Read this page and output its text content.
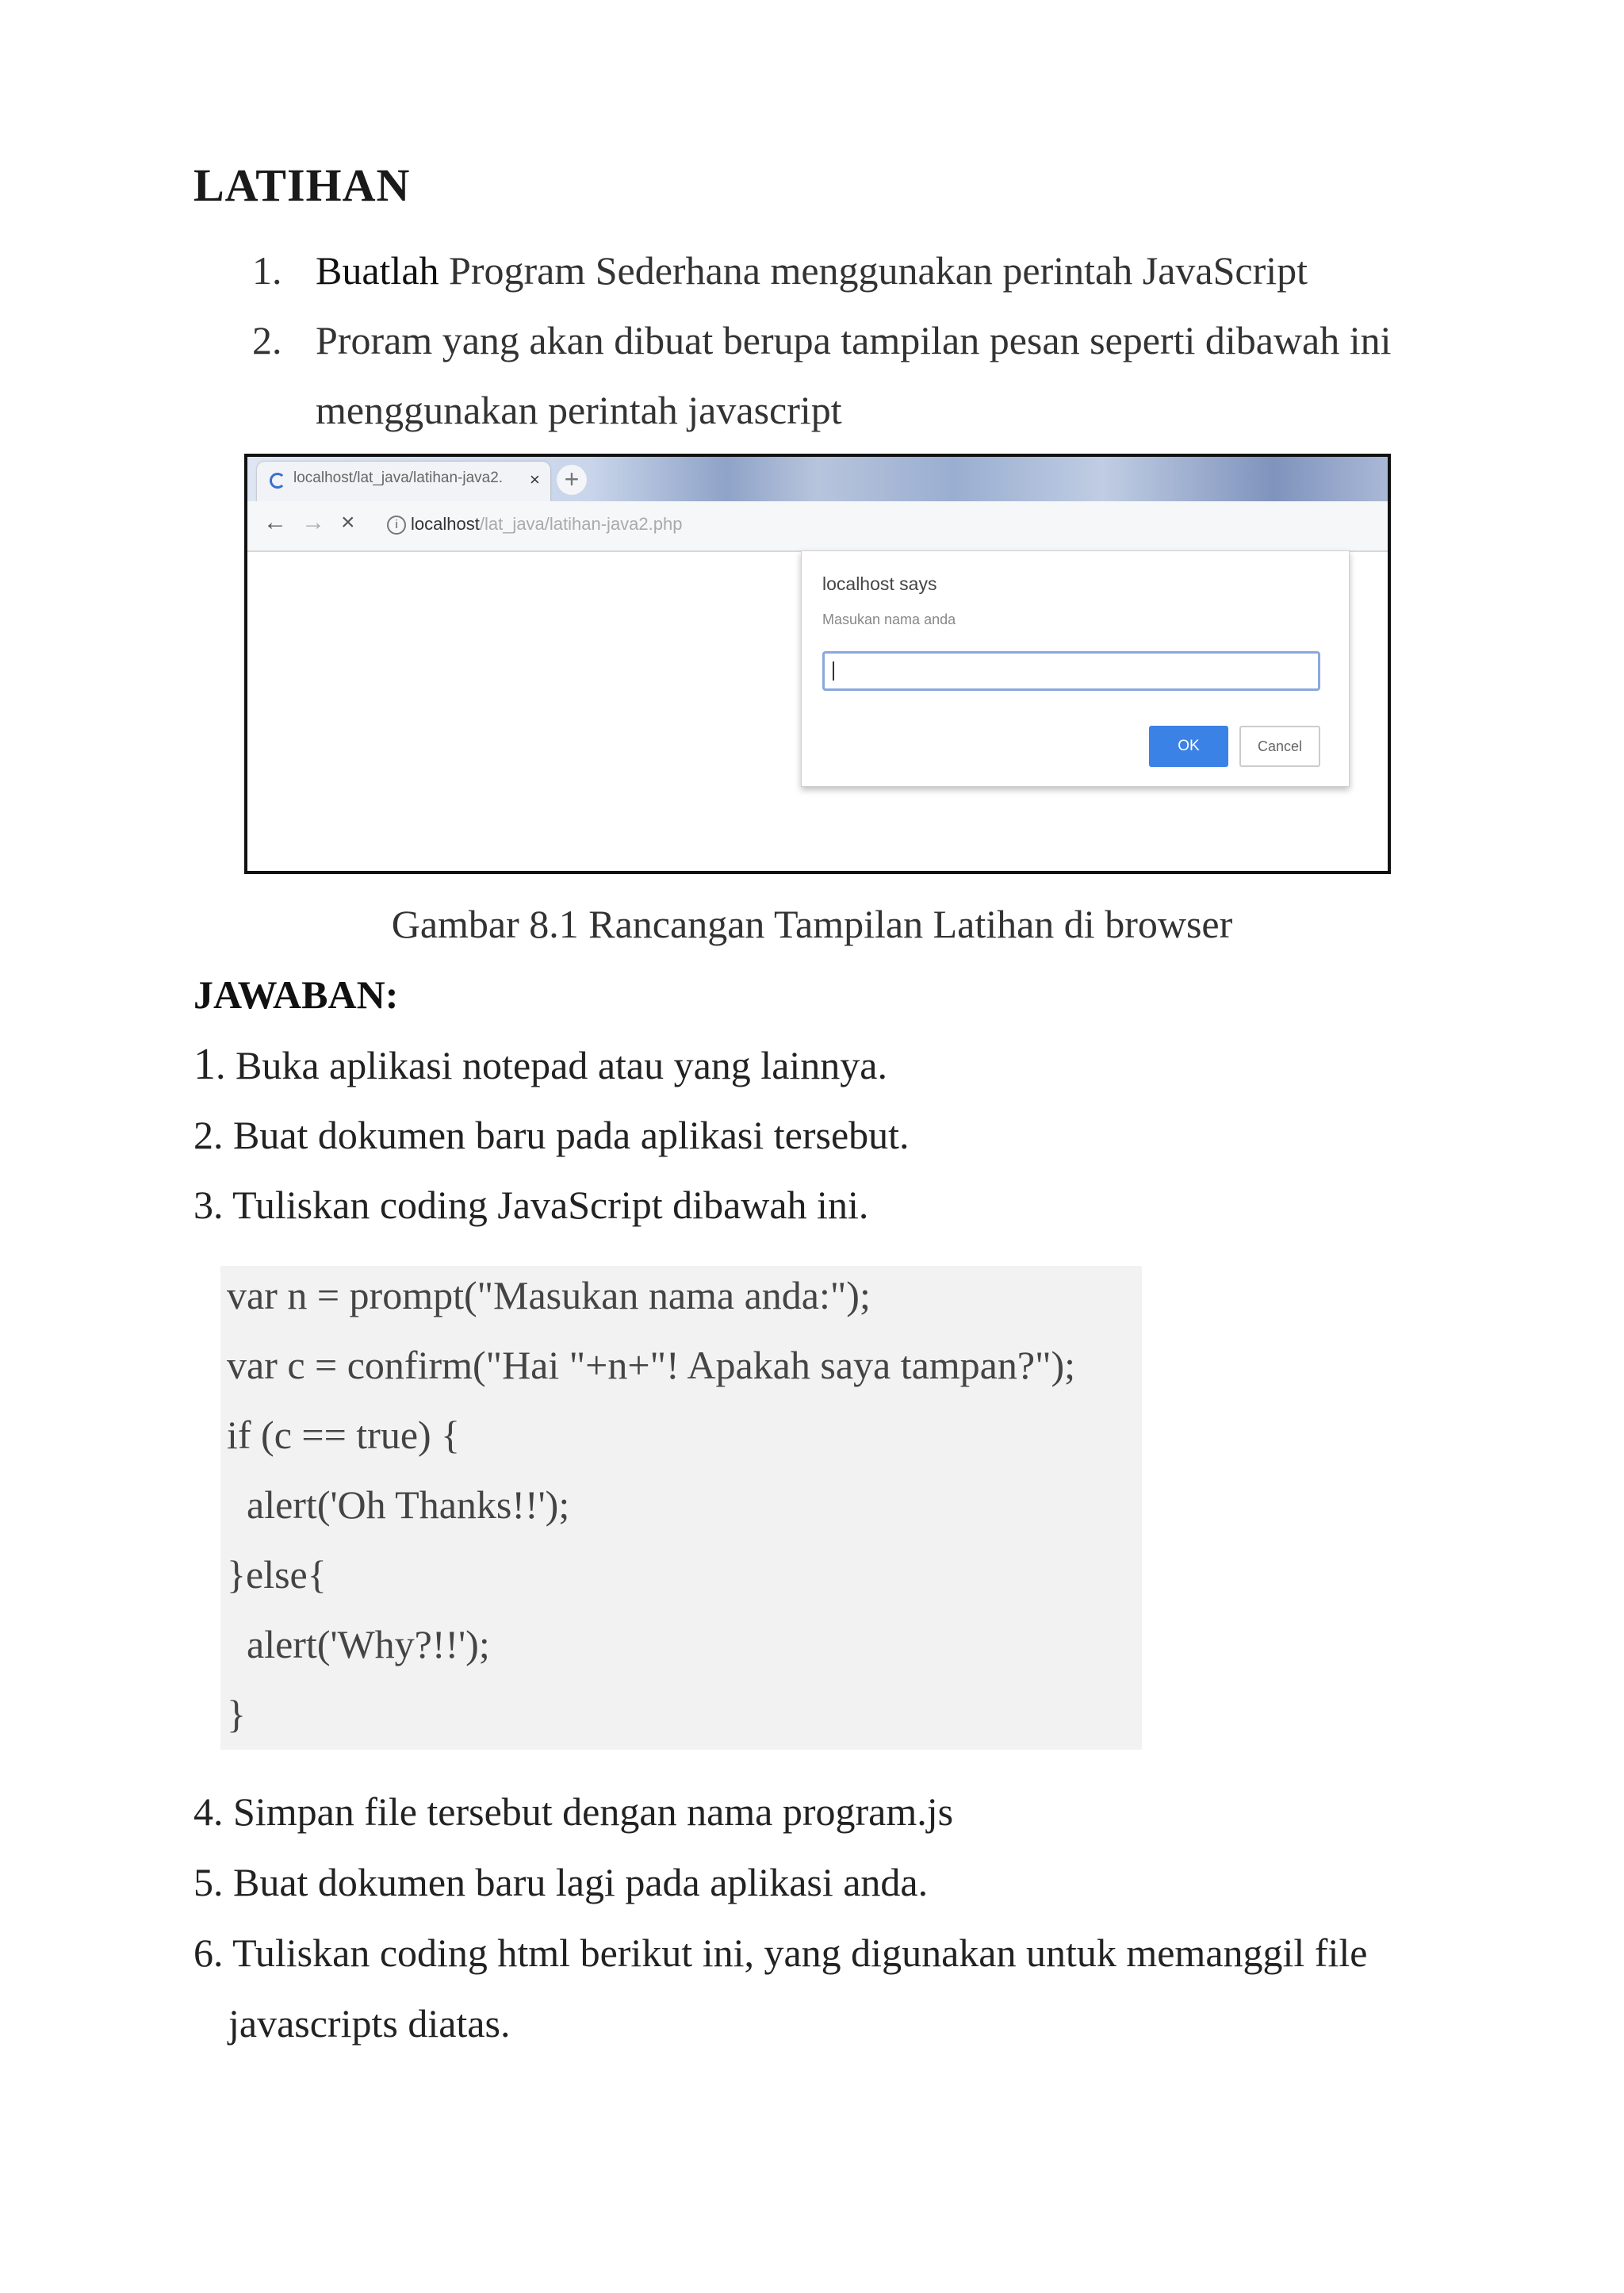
LATIHAN
1. Buatlah Program Sederhana menggunakan perintah JavaScript
2. Proram yang akan dibuat berupa tampilan pesan seperti dibawah ini
menggunakan perintah javascript
localhost/lat_java/latihan-java2. × +
← → ×	i localhost/lat_java/latihan-java2.php
localhost says
Masukan nama anda
OK	Cancel
Gambar 8.1 Rancangan Tampilan Latihan di browser
JAWABAN:
1. Buka aplikasi notepad atau yang lainnya.
2. Buat dokumen baru pada aplikasi tersebut.
3. Tuliskan coding JavaScript dibawah ini.
var n = prompt("Masukan nama anda:");
var c = confirm("Hai "+n+"! Apakah saya tampan?");
if (c == true) {
alert('Oh Thanks!!');
}else{
alert('Why?!!');
}
4. Simpan file tersebut dengan nama program.js
5. Buat dokumen baru lagi pada aplikasi anda.
6. Tuliskan coding html berikut ini, yang digunakan untuk memanggil file
javascripts diatas.
